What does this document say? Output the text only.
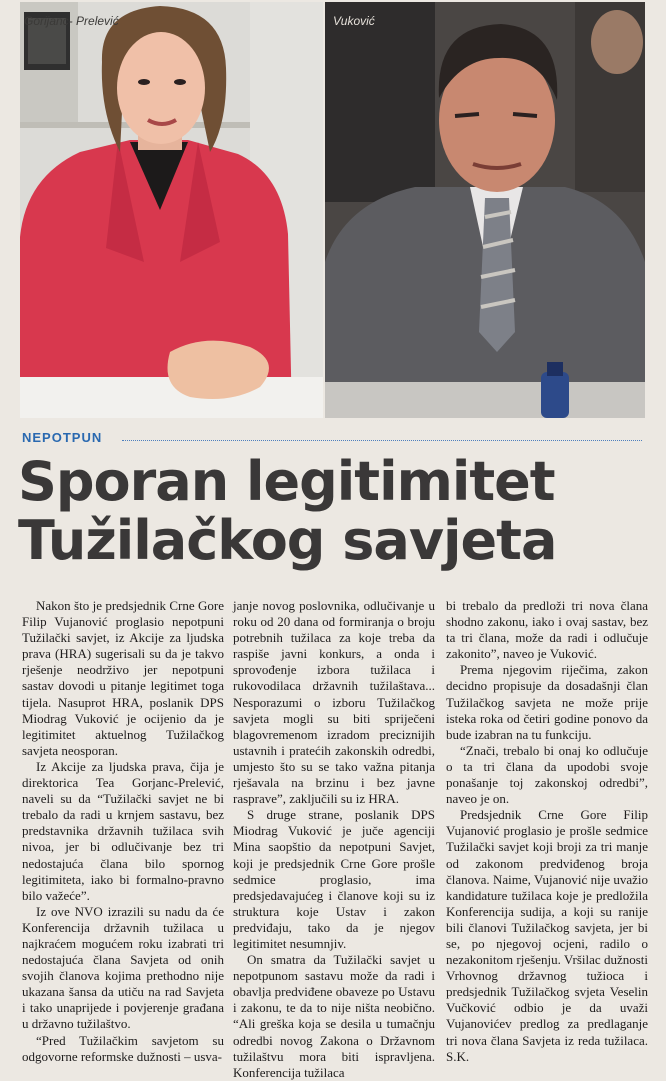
Gorijanc- Prelević	Vuković
NEPOTPUN
Sporan legitimitet
Tužilačkog savjeta

Nakon što je predsjednik Crne Gore Filip Vujanović proglasio nepotpuni Tužilački savjet, iz Akcije za ljudska prava (HRA) sugerisali su da je takvo rješenje neodrživo jer nepotpuni sastav dovodi u pitanje legitimet toga tijela. Nasuprot HRA, poslanik DPS Miodrag Vuković je ocijenio da je legitimitet aktuelnog Tužilačkog savjeta neosporan.

Iz Akcije za ljudska prava, čija je direktorica Tea Gorjanc-Prelević, naveli su da “Tužilački savjet ne bi trebalo da radi u krnjem sastavu, bez predstavnika državnih tužilaca svih nivoa, jer bi odlučivanje bez tri nedostajuća člana bilo spornog legitimiteta, iako bi formalno-pravno bilo važeće”.

Iz ove NVO izrazili su nadu da će Konferencija državnih tužilaca u najkraćem mogućem roku izabrati tri nedostajuća člana Savjeta od onih svojih članova kojima prethodno nije ukazana šansa da utiču na rad Savjeta i tako unaprijede i povjerenje građana u državno tužilaštvo.

“Pred Tužilačkim savjetom su odgovorne reformske dužnosti – usva-

janje novog poslovnika, odlučivanje u roku od 20 dana od formiranja o broju potrebnih tužilaca za koje treba da raspiše javni konkurs, a onda i sprovođenje izbora tužilaca i rukovodilaca državnih tužilaštava... Nesporazumi o izboru Tužilačkog savjeta mogli su biti spriječeni blagovremenom izradom preciznijih ustavnih i pratećih zakonskih odredbi, umjesto što su se tako važna pitanja rješavala na brzinu i bez javne rasprave”, zaključili su iz HRA.

S druge strane, poslanik DPS Miodrag Vuković je juče agenciji Mina saopštio da nepotpuni Savjet, koji je predsjednik Crne Gore prošle sedmice proglasio, ima predsjedavajućeg i članove koji su iz struktura koje Ustav i zakon predviđaju, tako da je njegov legitimitet nesumnjiv.

On smatra da Tužilački savjet u nepotpunom sastavu može da radi i obavlja predviđene obaveze po Ustavu i zakonu, te da to nije ništa neobično. “Ali greška koja se desila u tumačnju odredbi novog Zakona o Državnom tužilaštvu mora biti ispravljena. Konferencija tužilaca

bi trebalo da predloži tri nova člana shodno zakonu, iako i ovaj sastav, bez ta tri člana, može da radi i odlučuje zakonito”, naveo je Vuković.

Prema njegovim riječima, zakon decidno propisuje da dosadašnji član Tužilačkog savjeta ne može prije isteka roka od četiri godine ponovo da bude izabran na tu funkciju.

“Znači, trebalo bi onaj ko odlučuje o ta tri člana da upodobi svoje ponašanje toj zakonskoj odredbi”, naveo je on.

Predsjednik Crne Gore Filip Vujanović proglasio je prošle sedmice Tužilački savjet koji broji za tri manje od zakonom predviđenog broja članova. Naime, Vujanović nije uvažio kandidature tužilaca koje je predložila Konferencija sudija, a koji su ranije bili članovi Tužilačkog savjeta, jer bi se, po njegovoj ocjeni, radilo o nezakonitom rješenju. Vršilac dužnosti Vrhovnog državnog tužioca i predsjednik Tužilačkog svjeta Veselin Vučković odbio je da uvaži Vujanovićev predlog za predlaganje tri nova člana Savjeta iz reda tužilaca. S.K.
